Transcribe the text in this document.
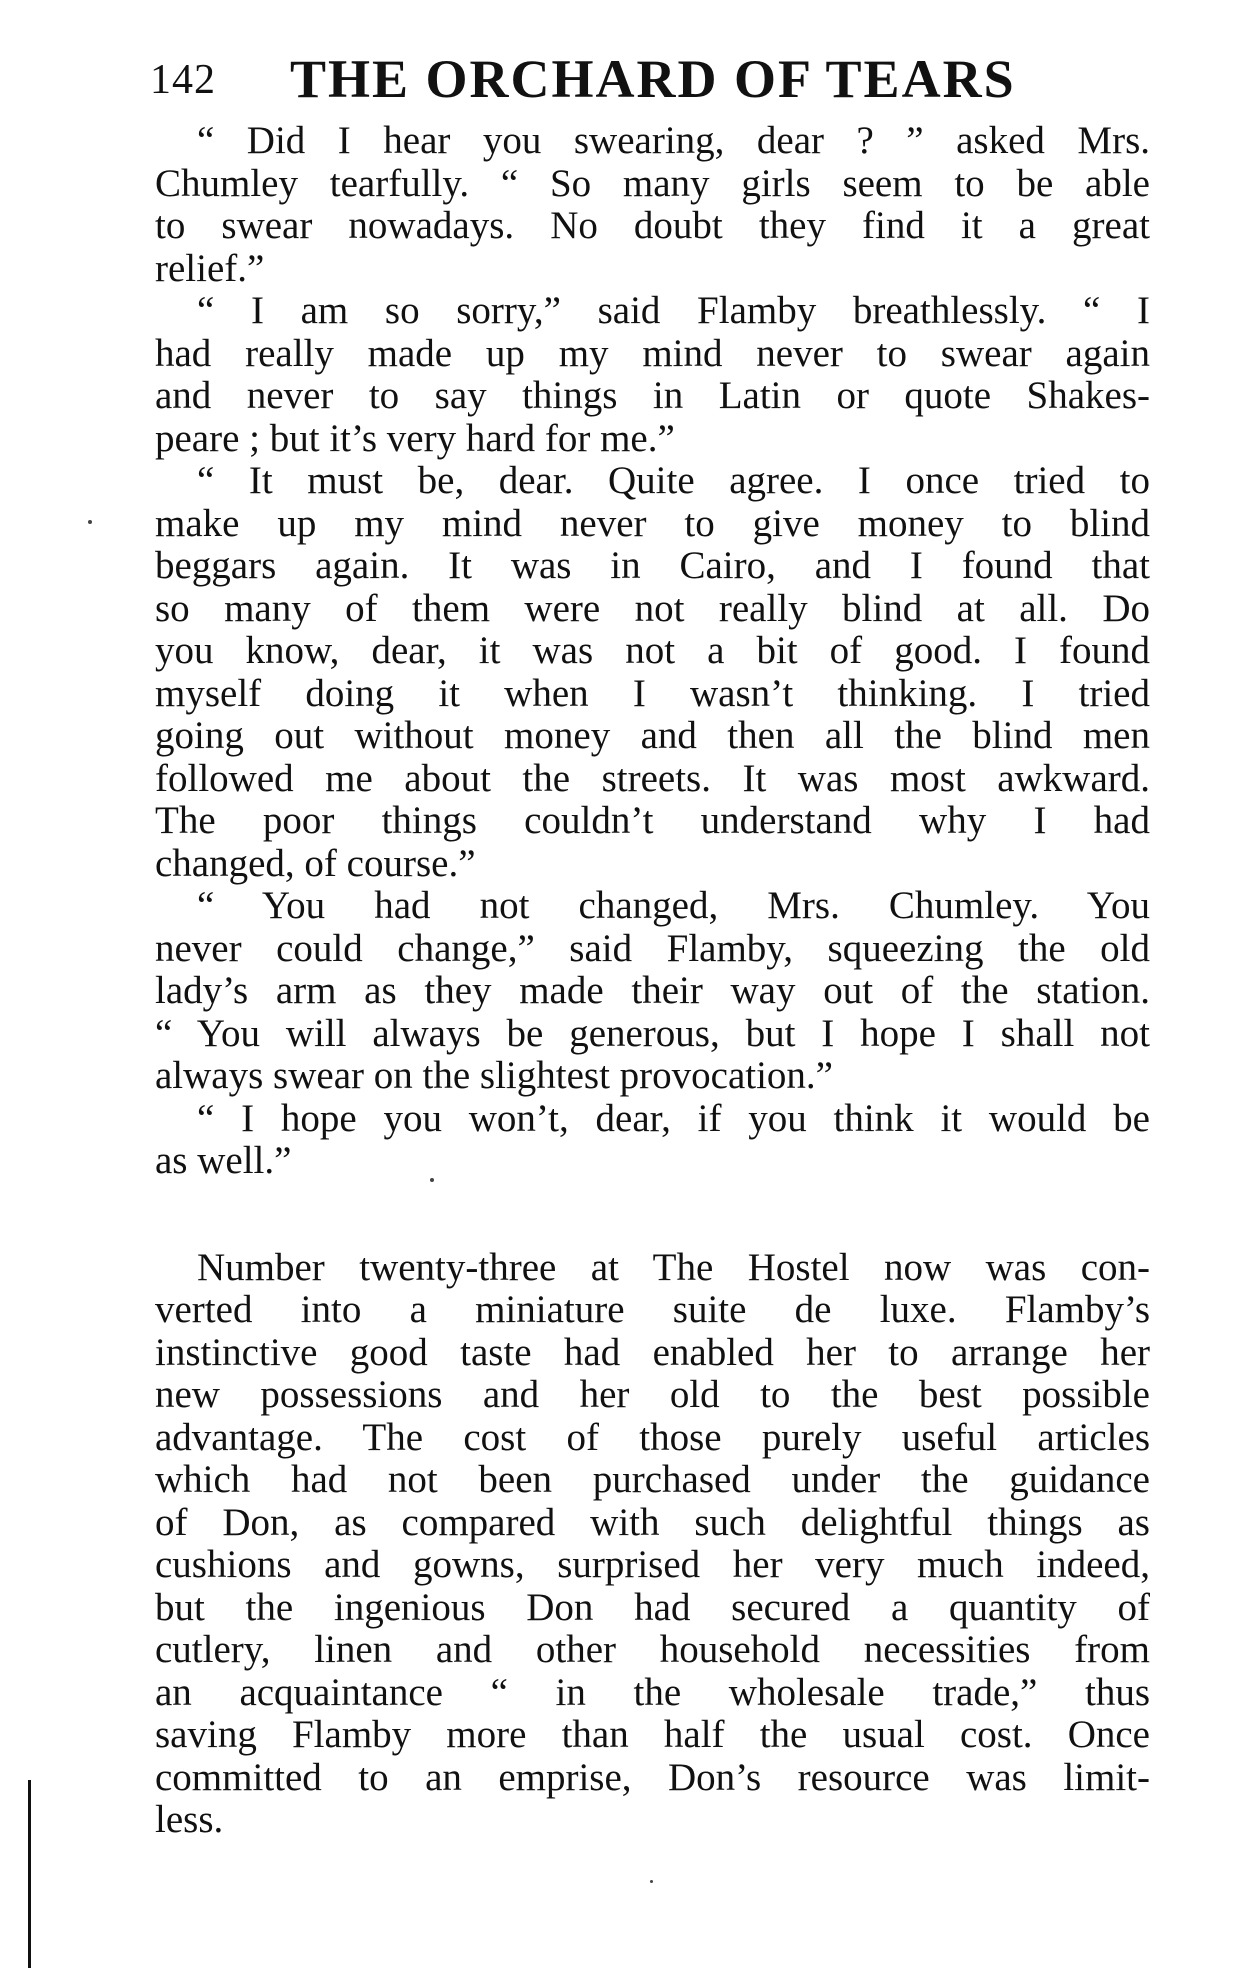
142 THE ORCHARD OF TEARS
“ Did I hear you swearing, dear ? ” asked Mrs.
Chumley tearfully. “ So many girls seem to be able
to swear nowadays. No doubt they find it a great
relief.”
“ I am so sorry,” said Flamby breathlessly. “ I
had really made up my mind never to swear again
and never to say things in Latin or quote Shakes-
peare ; but it’s very hard for me.”
“ It must be, dear. Quite agree. I once tried to
make up my mind never to give money to blind
beggars again. It was in Cairo, and I found that
so many of them were not really blind at all. Do
you know, dear, it was not a bit of good. I found
myself doing it when I wasn’t thinking. I tried
going out without money and then all the blind men
followed me about the streets. It was most awkward.
The poor things couldn’t understand why I had
changed, of course.”
“ You had not changed, Mrs. Chumley. You
never could change,” said Flamby, squeezing the old
lady’s arm as they made their way out of the station.
“ You will always be generous, but I hope I shall not
always swear on the slightest provocation.”
“ I hope you won’t, dear, if you think it would be
as well.”
Number twenty-three at The Hostel now was con-
verted into a miniature suite de luxe. Flamby’s
instinctive good taste had enabled her to arrange her
new possessions and her old to the best possible
advantage. The cost of those purely useful articles
which had not been purchased under the guidance
of Don, as compared with such delightful things as
cushions and gowns, surprised her very much indeed,
but the ingenious Don had secured a quantity of
cutlery, linen and other household necessities from
an acquaintance “ in the wholesale trade,” thus
saving Flamby more than half the usual cost. Once
committed to an emprise, Don’s resource was limit-
less.
